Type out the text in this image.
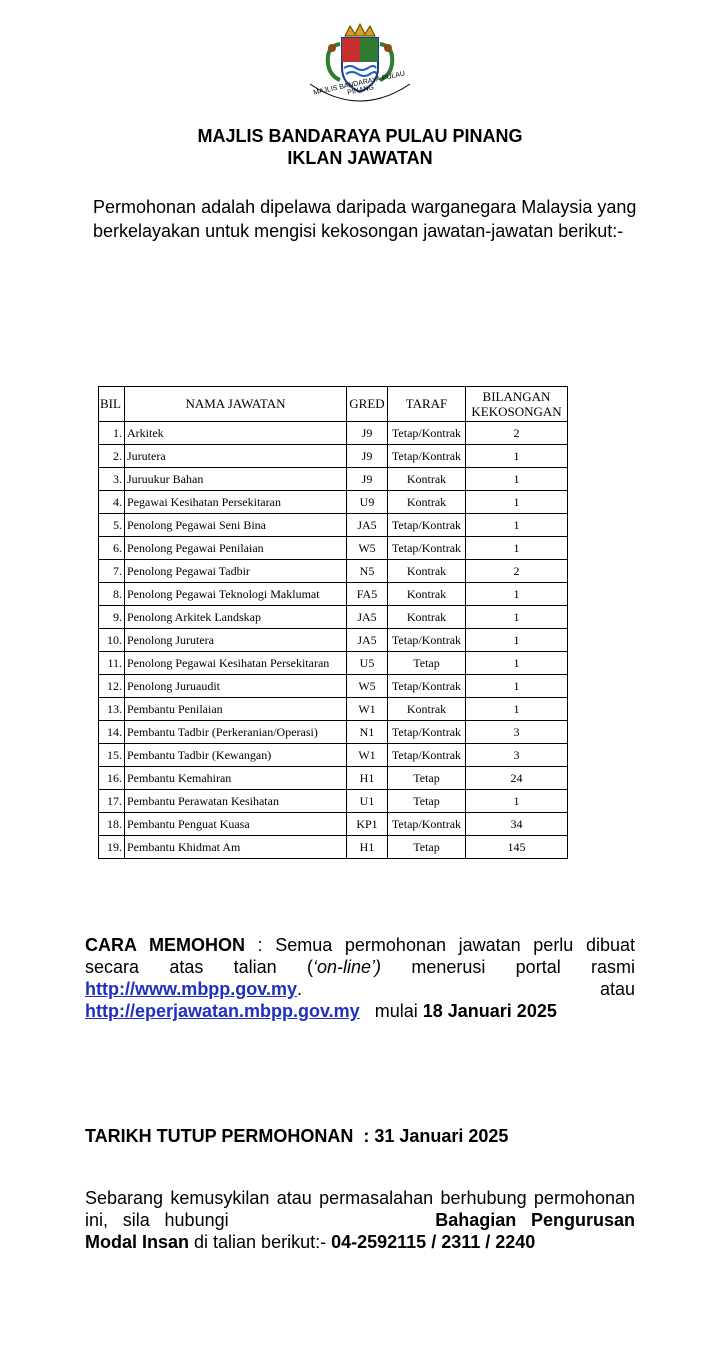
MAJLIS BANDARAYA PULAU PINANG
MAJLIS BANDARAYA PULAU PINANG
IKLAN JAWATAN
Permohonan adalah dipelawa daripada warganegara Malaysia yang berkelayakan untuk mengisi kekosongan jawatan-jawatan berikut:-
BIL	NAMA JAWATAN	GRED	TARAF	BILANGAN
KEKOSONGAN

1.	Arkitek	J9	Tetap/Kontrak	2
2.	Jurutera	J9	Tetap/Kontrak	1
3.	Juruukur Bahan	J9	Kontrak	1
4.	Pegawai Kesihatan Persekitaran	U9	Kontrak	1
5.	Penolong Pegawai Seni Bina	JA5	Tetap/Kontrak	1
6.	Penolong Pegawai Penilaian	W5	Tetap/Kontrak	1
7.	Penolong Pegawai Tadbir	N5	Kontrak	2
8.	Penolong Pegawai Teknologi Maklumat	FA5	Kontrak	1
9.	Penolong Arkitek Landskap	JA5	Kontrak	1
10.	Penolong Jurutera	JA5	Tetap/Kontrak	1
11.	Penolong Pegawai Kesihatan Persekitaran	U5	Tetap	1
12.	Penolong Juruaudit	W5	Tetap/Kontrak	1
13.	Pembantu Penilaian	W1	Kontrak	1
14.	Pembantu Tadbir (Perkeranian/Operasi)	N1	Tetap/Kontrak	3
15.	Pembantu Tadbir (Kewangan)	W1	Tetap/Kontrak	3
16.	Pembantu Kemahiran	H1	Tetap	24
17.	Pembantu Perawatan Kesihatan	U1	Tetap	1
18.	Pembantu Penguat Kuasa	KP1	Tetap/Kontrak	34
19.	Pembantu Khidmat Am	H1	Tetap	145
CARA MEMOHON : Semua permohonan jawatan perlu dibuat secara atas talian (‘on-line’) menerusi portal rasmi
http://www.mbpp.gov.my.	atau
http://eperjawatan.mbpp.gov.my mulai 18 Januari 2025
TARIKH TUTUP PERMOHONAN  : 31 Januari 2025
Sebarang kemusykilan atau permasalahan berhubung permohonan ini, sila hubungi	Bahagian Pengurusan
Modal Insan di talian berikut:- 04-2592115 / 2311 / 2240
